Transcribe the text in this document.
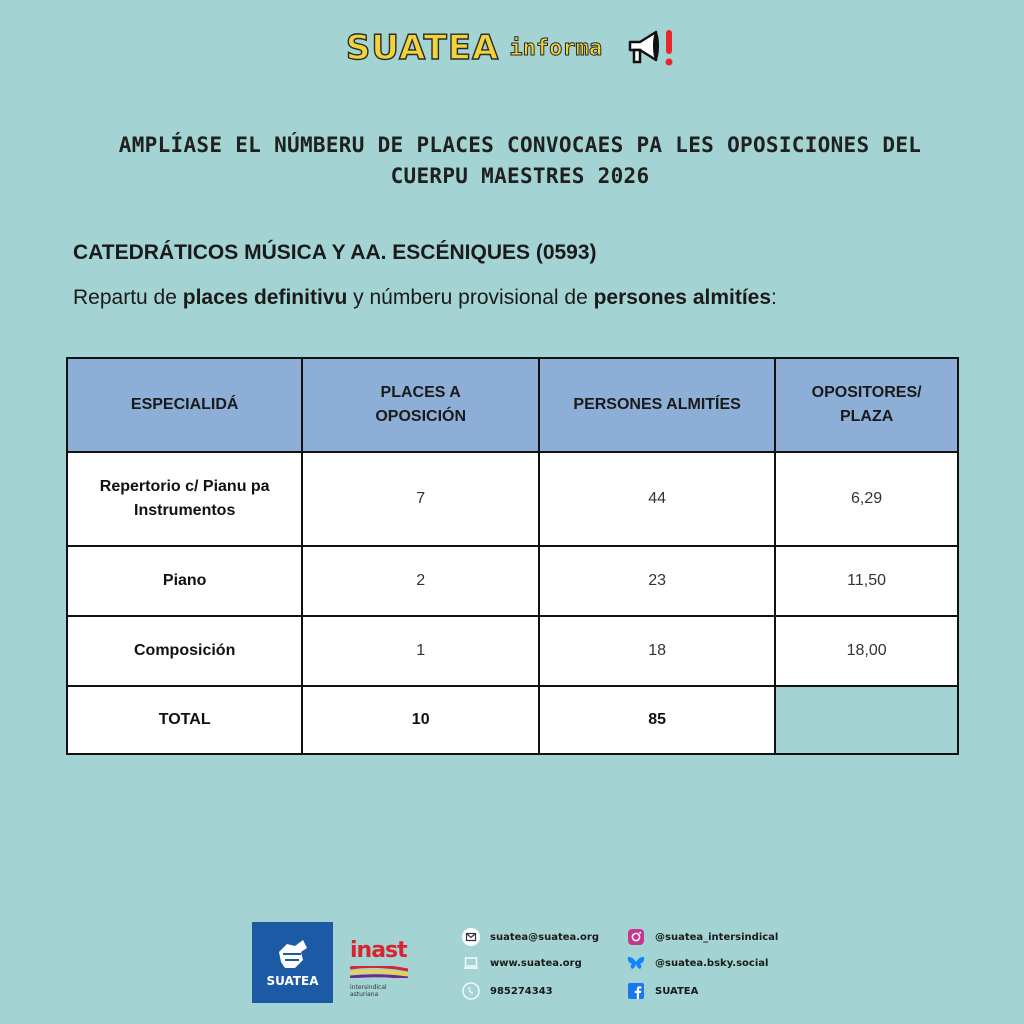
SUATEA informa
AMPLÍASE EL NÚMBERU DE PLACES CONVOCAES PA LES OPOSICIONES DEL
CUERPU MAESTRES 2026
CATEDRÁTICOS MÚSICA Y AA. ESCÉNIQUES (0593)
Repartu de places definitivu y númberu provisional de persones almitíes:
ESPECIALIDÁ	PLACES A OPOSICIÓN	PERSONES ALMITÍES	OPOSITORES/ PLAZA
Repertorio c/ Pianu pa Instrumentos	7	44	6,29
Piano	2	23	11,50
Composición	1	18	18,00
TOTAL	10	85	
SUATEA
inast
intersindical asturiana
suatea@suatea.org
www.suatea.org
985274343
@suatea_intersindical
@suatea.bsky.social
SUATEA
